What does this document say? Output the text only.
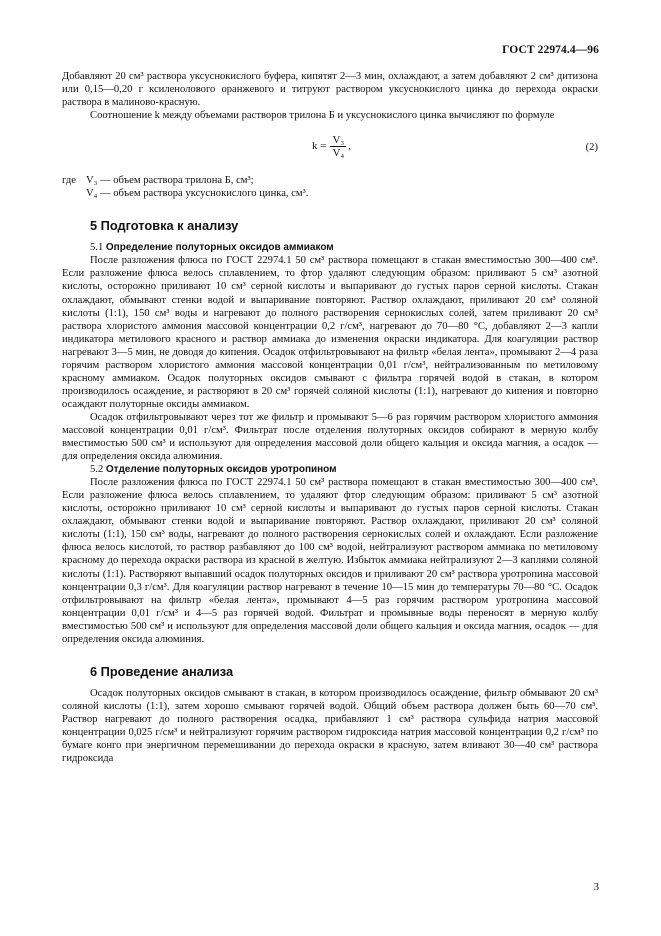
ГОСТ 22974.4—96

Добавляют 20 см³ раствора уксуснокислого буфера, кипятят 2—3 мин, охлаждают, а затем добавляют 2 см³ дитизона или 0,15—0,20 г ксиленолового оранжевого и титруют раствором уксуснокислого цинка до перехода окраски раствора в малиново-красную.

Соотношение k между объемами растворов трилона Б и уксуснокислого цинка вычисляют по формуле

$k = \frac{\text{V₃}}{\text{V₄}}$ ,	(2)
где V₃ — объем раствора трилона Б, см³;
V₄ — объем раствора уксуснокислого цинка, см³.
5 Подготовка к анализу

5.1 Определение полуторных оксидов аммиаком

После разложения флюса по ГОСТ 22974.1 50 см³ раствора помещают в стакан вместимостью 300—400 см³. Если разложение флюса велось сплавлением, то фтор удаляют следующим образом: приливают 5 см³ азотной кислоты, осторожно приливают 10 см³ серной кислоты и выпаривают до густых паров серной кислоты. Стакан охлаждают, обмывают стенки водой и выпаривание повторяют. Раствор охлаждают, приливают 20 см³ соляной кислоты (1:1), 150 см³ воды и нагревают до полного растворения сернокислых солей, затем приливают 20 см³ раствора хлористого аммония массовой концентрации 0,2 г/см³, нагревают до 70—80 °С, добавляют 2—3 капли индикатора метилового красного и раствор аммиака до изменения окраски индикатора. Для коагуляции раствор нагревают 3—5 мин, не доводя до кипения. Осадок отфильтровывают на фильтр «белая лента», промывают 2—4 раза горячим раствором хлористого аммония массовой концентрации 0,01 г/см³, нейтрализованным по метиловому красному аммиаком. Осадок полуторных оксидов смывают с фильтра горячей водой в стакан, в котором производилось осаждение, и растворяют в 20 см³ горячей соляной кислоты (1:1), нагревают до кипения и повторно осаждают полуторные оксиды аммиаком.

Осадок отфильтровывают через тот же фильтр и промывают 5—6 раз горячим раствором хлористого аммония массовой концентрации 0,01 г/см³. Фильтрат после отделения полуторных оксидов собирают в мерную колбу вместимостью 500 см³ и используют для определения массовой доли общего кальция и оксида магния, а осадок — для определения оксида алюминия.

5.2 Отделение полуторных оксидов уротропином

После разложения флюса по ГОСТ 22974.1 50 см³ раствора помещают в стакан вместимостью 300—400 см³. Если разложение флюса велось сплавлением, то удаляют фтор следующим образом: приливают 5 см³ азотной кислоты, осторожно приливают 10 см³ серной кислоты и выпаривают до густых паров серной кислоты. Стакан охлаждают, обмывают стенки водой и выпаривание повторяют. Раствор охлаждают, приливают 20 см³ соляной кислоты (1:1), 150 см³ воды, нагревают до полного растворения сернокислых солей и охлаждают. Если разложение флюса велось кислотой, то раствор разбавляют до 100 см³ водой, нейтрализуют раствором аммиака по метиловому красному до перехода окраски раствора из красной в желтую. Избыток аммиака нейтрализуют 2—3 каплями соляной кислоты (1:1). Растворяют выпавший осадок полуторных оксидов и приливают 20 см³ раствора уротропина массовой концентрации 0,3 г/см³. Для коагуляции раствор нагревают в течение 10—15 мин до температуры 70—80 °С. Осадок отфильтровывают на фильтр «белая лента», промывают 4—5 раз горячим раствором уротропина массовой концентрации 0,01 г/см³ и 4—5 раз горячей водой. Фильтрат и промывные воды переносят в мерную колбу вместимостью 500 см³ и используют для определения массовой доли общего кальция и оксида магния, осадок — для определения оксида алюминия.

6 Проведение анализа

Осадок полуторных оксидов смывают в стакан, в котором производилось осаждение, фильтр обмывают 20 см³ соляной кислоты (1:1), затем хорошо смывают горячей водой. Общий объем раствора должен быть 60—70 см³. Раствор нагревают до полного растворения осадка, прибавляют 1 см³ раствора сульфида натрия массовой концентрации 0,025 г/см³ и нейтрализуют горячим раствором гидроксида натрия массовой концентрации 0,2 г/см³ по бумаге конго при энергичном перемешивании до перехода окраски в красную, затем вливают 30—40 см³ раствора гидроксида

3
